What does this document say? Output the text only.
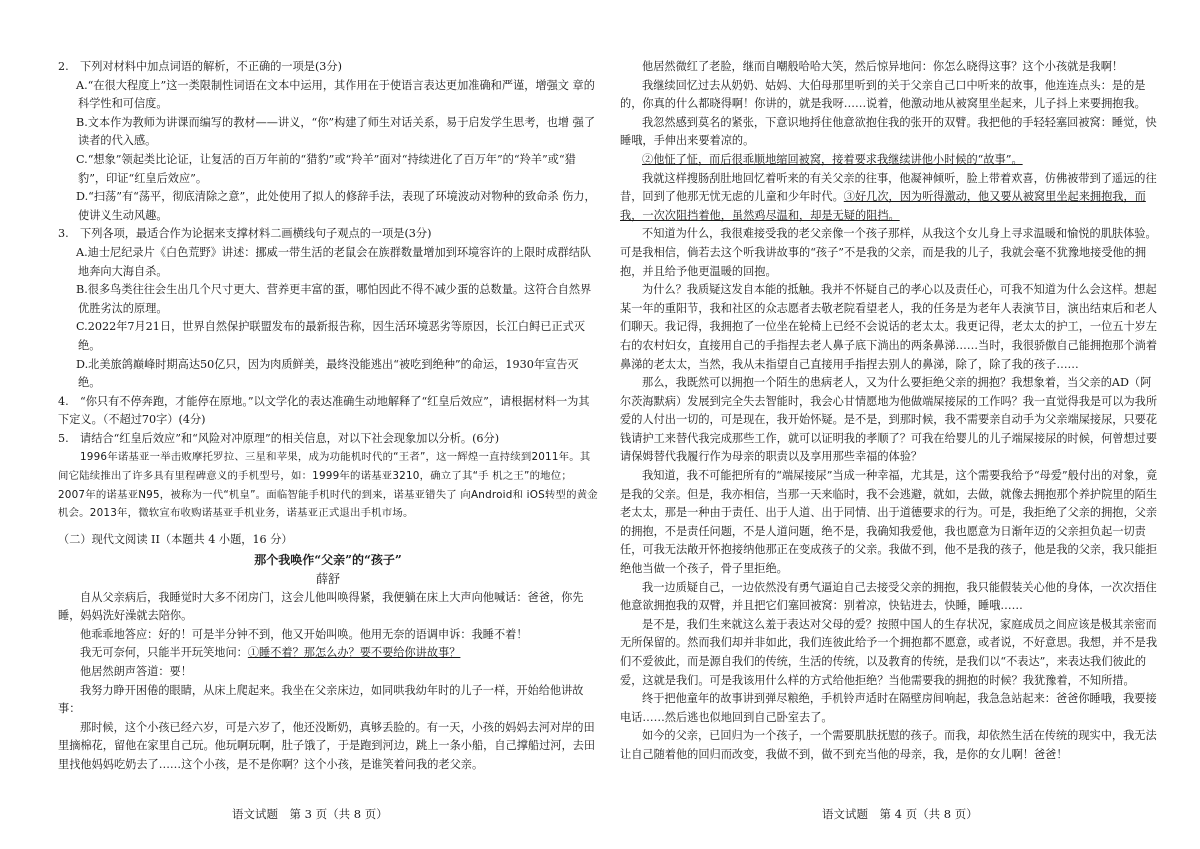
2. 下列对材料中加点词语的解析，不正确的一项是(3分)

A.“在很大程度上”这一类限制性词语在文本中运用，其作用在于使语言表达更加准确和严谨，增强文 章的科学性和可信度。

B.文本作为教师为讲课而编写的教材——讲义，“你”构建了师生对话关系，易于启发学生思考，也增 强了读者的代入感。

C.“想象”领起类比论证，让复活的百万年前的“猎豹”或“羚羊”面对“持续进化了百万年”的“羚羊”或“猎豹”，印证“红皇后效应”。

D.“扫荡”有“荡平，彻底清除之意”，此处使用了拟人的修辞手法，表现了环境波动对物种的致命杀 伤力，使讲义生动风趣。

3. 下列各项，最适合作为论据来支撑材料二画横线句子观点的一项是(3分)

A.迪士尼纪录片《白色荒野》讲述：挪威一带生活的老鼠会在族群数量增加到环境容许的上限时成群结队地奔向大海自杀。

B.很多鸟类往往会生出几个尺寸更大、营养更丰富的蛋，哪怕因此不得不减少蛋的总数量。这符合自然界优胜劣汰的原理。

C.2022年7月21日，世界自然保护联盟发布的最新报告称，因生活环境恶劣等原因，长江白鲟已正式灭绝。

D.北美旅鸽巅峰时期高达50亿只，因为肉质鲜美，最终没能逃出“被吃到绝种”的命运，1930年宣告灭绝。

4. “你只有不停奔跑，才能停在原地。”以文学化的表达准确生动地解释了“红皇后效应”，请根据材料一为其下定义。（不超过70字）(4分)

5. 请结合“红皇后效应”和“风险对冲原理”的相关信息，对以下社会现象加以分析。(6分)

1996年诺基亚一举击败摩托罗拉、三星和苹果，成为功能机时代的“王者”，这一辉煌一直持续到2011年。其间它陆续推出了许多具有里程碑意义的手机型号，如：1999年的诺基亚3210，确立了其“手 机之王”的地位；2007年的诺基亚N95，被称为一代“机皇”。面临智能手机时代的到来，诺基亚错失了 向Android和 iOS转型的黄金机会。2013年，微软宣布收购诺基亚手机业务，诺基亚正式退出手机市场。

（二）现代文阅读 II（本题共 4 小题，16 分）

那个我唤作“父亲”的“孩子”

薛舒

自从父亲病后，我睡觉时大多不闭房门，这会儿他叫唤得紧，我便躺在床上大声向他喊话：爸爸，你先睡，妈妈洗好澡就去陪你。

他乖乖地答应：好的！可是半分钟不到，他又开始叫唤。他用无奈的语调申诉：我睡不着！

我无可奈何，只能半开玩笑地问：①睡不着？那怎么办？要不要给你讲故事？

他居然朗声答道：要！

我努力睁开困倦的眼睛，从床上爬起来。我坐在父亲床边，如同哄我幼年时的儿子一样，开始给他讲故事：

那时候，这个小孩已经六岁，可是六岁了，他还没断奶，真够丢脸的。有一天，小孩的妈妈去河对岸的田里摘棉花，留他在家里自己玩。他玩啊玩啊，肚子饿了，于是跑到河边，跳上一条小船，自己撑船过河，去田里找他妈妈吃奶去了……这个小孩，是不是你啊？这个小孩，是谁笑着问我的老父亲。

他居然微红了老脸，继而自嘲般哈哈大笑，然后惊异地问：你怎么晓得这事？这个小孩就是我啊！

我继续回忆过去从奶奶、姑妈、大伯母那里听到的关于父亲自己口中听来的故事，他连连点头：是的是的，你真的什么都晓得啊！你讲的，就是我呀……说着，他激动地从被窝里坐起来，儿子抖上来要拥抱我。

我忽然感到莫名的紧张，下意识地捋住他意欲抱住我的张开的双臂。我把他的手轻轻塞回被窝：睡觉，快睡哦，手伸出来要着凉的。

②他怔了怔，而后很乖顺地缩回被窝，接着要求我继续讲他小时候的“故事”。

我就这样搜肠刮肚地回忆着听来的有关父亲的往事，他凝神倾听，脸上带着欢喜，仿佛被带到了遥远的往昔，回到了他那无忧无虑的儿童和少年时代。③好几次，因为听得激动，他又要从被窝里坐起来拥抱我，而我，一次次阻挡着他，虽然鸡尽温和，却是无疑的阻挡。

不知道为什么，我很难接受我的老父亲像一个孩子那样，从我这个女儿身上寻求温暖和愉悦的肌肤体验。可是我相信，倘若去这个听我讲故事的“孩子”不是我的父亲，而是我的儿子，我就会毫不犹豫地接受他的拥抱，并且给予他更温暖的回抱。

为什么？我质疑这发自本能的抵触。我并不怀疑自己的孝心以及责任心，可我不知道为什么会这样。想起某一年的重阳节，我和社区的众志愿者去敬老院看望老人，我的任务是为老年人表演节目，演出结束后和老人们聊天。我记得，我拥抱了一位坐在轮椅上已经不会说话的老太太。我更记得，老太太的护工，一位五十岁左右的农村妇女，直接用自己的手指捏去老人鼻子底下淌出的两条鼻涕……当时，我很骄傲自己能拥抱那个淌着鼻涕的老太太，当然，我从未指望自己直接用手指捏去别人的鼻涕，除了，除了我的孩子……

那么，我既然可以拥抱一个陌生的患病老人，又为什么要拒绝父亲的拥抱？我想象着，当父亲的AD（阿尔茨海默病）发展到完全失去智能时，我会心甘情愿地为他做端屎接尿的工作吗？我一直觉得我是可以为我所爱的人付出一切的，可是现在，我开始怀疑。是不是，到那时候，我不需要亲自动手为父亲端屎接尿，只要花钱请护工来替代我完成那些工作，就可以证明我的孝顺了？可我在给婴儿的儿子端屎接尿的时候，何曾想过要请保姆替代我履行作为母亲的职责以及享用那些幸福的体验？

我知道，我不可能把所有的“端屎接尿”当成一种幸福，尤其是，这个需要我给予“母爱”般付出的对象，竟是我的父亲。但是，我亦相信，当那一天来临时，我不会逃避，就如，去做，就像去拥抱那个养护院里的陌生老太太，那是一种由于责任、出于人道、出于同情、出于道德要求的行为。可是，我拒绝了父亲的拥抱，父亲的拥抱，不是责任问题，不是人道问题，绝不是，我确知我爱他，我也愿意为日渐年迈的父亲担负起一切责任，可我无法敞开怀抱接纳他那正在变成孩子的父亲。我做不到，他不是我的孩子，他是我的父亲，我只能拒绝他当做一个孩子，骨子里拒绝。

我一边质疑自己，一边依然没有勇气逼迫自己去接受父亲的拥抱，我只能假装关心他的身体，一次次捂住他意欲拥抱我的双臂，并且把它们塞回被窝：别着凉，快钻进去，快睡，睡哦……

是不是，我们生来就这么羞于表达对父母的爱？按照中国人的生存状况，家庭成员之间应该是极其亲密而无所保留的。然而我们却并非如此，我们连彼此给予一个拥抱都不愿意，或者说，不好意思。我想，并不是我们不爱彼此，而是源自我们的传统，生活的传统，以及教育的传统，是我们以“不表达”，来表达我们彼此的爱，这就是我们。可是我该用什么样的方式给他拒绝？当他需要我的拥抱的时候？我犹豫着，不知所措。

终于把他童年的故事讲到弹尽粮绝，手机铃声适时在隔壁房间响起，我急急站起来：爸爸你睡哦，我要接电话……然后逃也似地回到自己卧室去了。

如今的父亲，已回归为一个孩子，一个需要肌肤抚慰的孩子。而我，却依然生活在传统的现实中，我无法让自己随着他的回归而改变，我做不到，做不到充当他的母亲，我，是你的女儿啊！爸爸！

语文试题　第 3 页（共 8 页）	语文试题　第 4 页（共 8 页）
